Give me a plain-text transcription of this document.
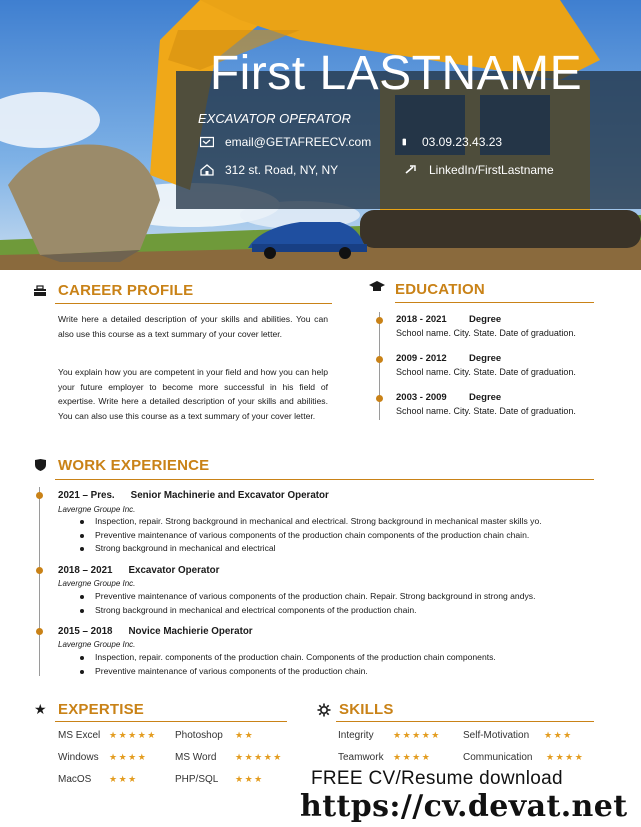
First LASTNAME
EXCAVATOR OPERATOR
email@GETAFREECV.com	03.09.23.43.23
312 st. Road, NY, NY	LinkedIn/FirstLastname
CAREER PROFILE
Write here a detailed description of your skills and abilities. You can also use this course as a text summary of your cover letter.
You explain how you are competent in your field and how you can help your future employer to become more successful in his field of expertise. Write here a detailed description of your skills and abilities. You can also use this course as a text summary of your cover letter.
EDUCATION
2018 - 2021 Degree
School name. City. State. Date of graduation.
2009 - 2012 Degree
School name. City. State. Date of graduation.
2003 - 2009 Degree
School name. City. State. Date of graduation.
WORK EXPERIENCE
2021 – Pres. Senior Machinerie and Excavator Operator
Lavergne Groupe Inc.
Inspection, repair. Strong background in mechanical and electrical. Strong background in mechanical master skills yo.
Preventive maintenance of various components of the production chain components of the production chain chain.
Strong background in mechanical and electrical
2018 – 2021 Excavator Operator
Lavergne Groupe Inc.
Preventive maintenance of various components of the production chain. Repair. Strong background in strong andys.
Strong background in mechanical and electrical components of the production chain.
2015 – 2018 Novice Machierie Operator
Lavergne Groupe Inc.
Inspection, repair. components of the production chain. Components of the production chain components.
Preventive maintenance of various components of the production chain.
★ EXPERTISE
MS Excel ★★★★★ Photoshop ★★
Windows ★★★★	MS Word ★★★★★
MacOS ★★★	PHP/SQL ★★★
SKILLS
Integrity ★★★★★ Self-Motivation ★★★
Teamwork ★★★★	Communication ★★★★
FREE CV/Resume download
https://cv.devat.net
